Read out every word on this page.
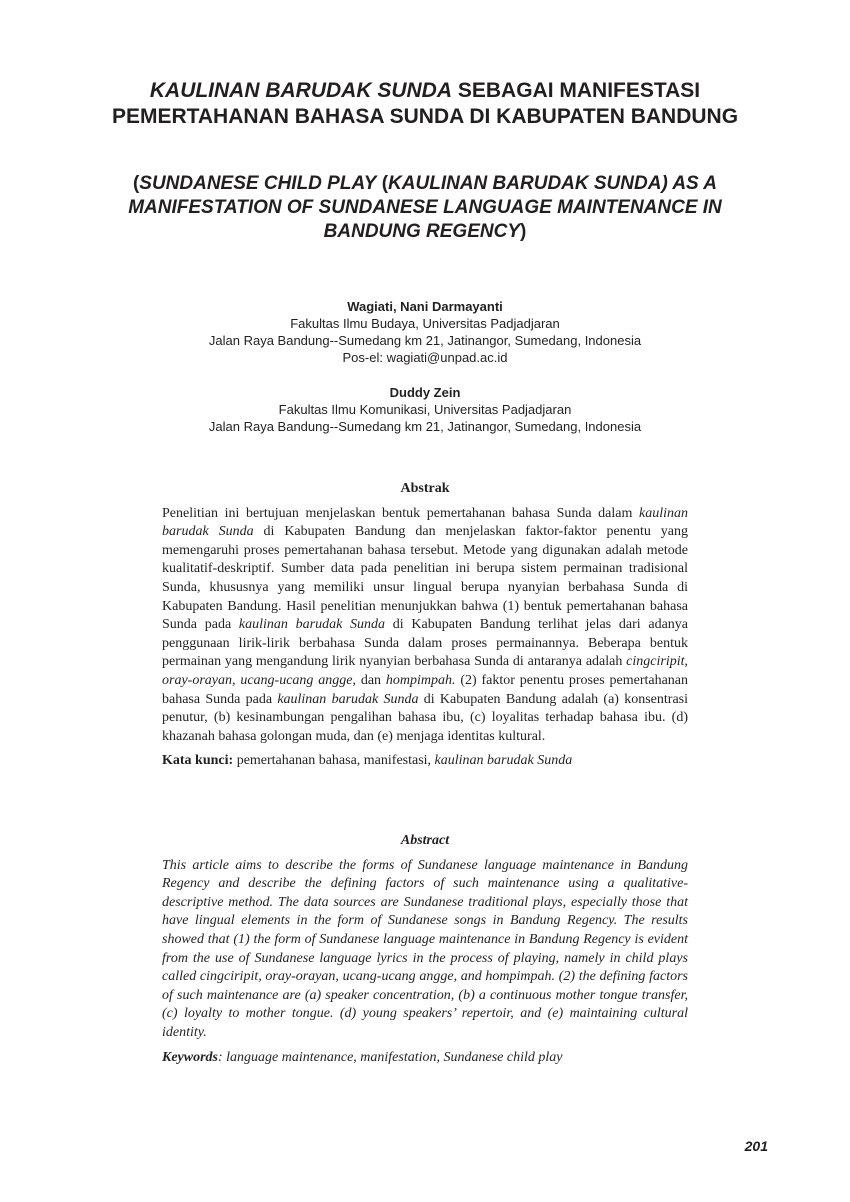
KAULINAN BARUDAK SUNDA SEBAGAI MANIFESTASI
PEMERTAHANAN BAHASA SUNDA DI KABUPATEN BANDUNG
(SUNDANESE CHILD PLAY (KAULINAN BARUDAK SUNDA) AS A
MANIFESTATION OF SUNDANESE LANGUAGE MAINTENANCE IN
BANDUNG REGENCY)
Wagiati, Nani Darmayanti
Fakultas Ilmu Budaya, Universitas Padjadjaran
Jalan Raya Bandung--Sumedang km 21, Jatinangor, Sumedang, Indonesia
Pos-el: wagiati@unpad.ac.id
Duddy Zein
Fakultas Ilmu Komunikasi, Universitas Padjadjaran
Jalan Raya Bandung--Sumedang km 21, Jatinangor, Sumedang, Indonesia
Abstrak
Penelitian ini bertujuan menjelaskan bentuk pemertahanan bahasa Sunda dalam kaulinan barudak Sunda di Kabupaten Bandung dan menjelaskan faktor-faktor penentu yang memengaruhi proses pemertahanan bahasa tersebut. Metode yang digunakan adalah metode kualitatif-deskriptif. Sumber data pada penelitian ini berupa sistem permainan tradisional Sunda, khususnya yang memiliki unsur lingual berupa nyanyian berbahasa Sunda di Kabupaten Bandung. Hasil penelitian menunjukkan bahwa (1) bentuk pemertahanan bahasa Sunda pada kaulinan barudak Sunda di Kabupaten Bandung terlihat jelas dari adanya penggunaan lirik-lirik berbahasa Sunda dalam proses permainannya. Beberapa bentuk permainan yang mengandung lirik nyanyian berbahasa Sunda di antaranya adalah cingciripit, oray-orayan, ucang-ucang angge, dan hompimpah. (2) faktor penentu proses pemertahanan bahasa Sunda pada kaulinan barudak Sunda di Kabupaten Bandung adalah (a) konsentrasi penutur, (b) kesinambungan pengalihan bahasa ibu, (c) loyalitas terhadap bahasa ibu. (d) khazanah bahasa golongan muda, dan (e) menjaga identitas kultural.
Kata kunci: pemertahanan bahasa, manifestasi, kaulinan barudak Sunda
Abstract
This article aims to describe the forms of Sundanese language maintenance in Bandung Regency and describe the defining factors of such maintenance using a qualitative-descriptive method. The data sources are Sundanese traditional plays, especially those that have lingual elements in the form of Sundanese songs in Bandung Regency. The results showed that (1) the form of Sundanese language maintenance in Bandung Regency is evident from the use of Sundanese language lyrics in the process of playing, namely in child plays called cingciripit, oray-orayan, ucang-ucang angge, and hompimpah. (2) the defining factors of such maintenance are (a) speaker concentration, (b) a continuous mother tongue transfer, (c) loyalty to mother tongue. (d) young speakers’ repertoir, and (e) maintaining cultural identity.
Keywords: language maintenance, manifestation, Sundanese child play
201
